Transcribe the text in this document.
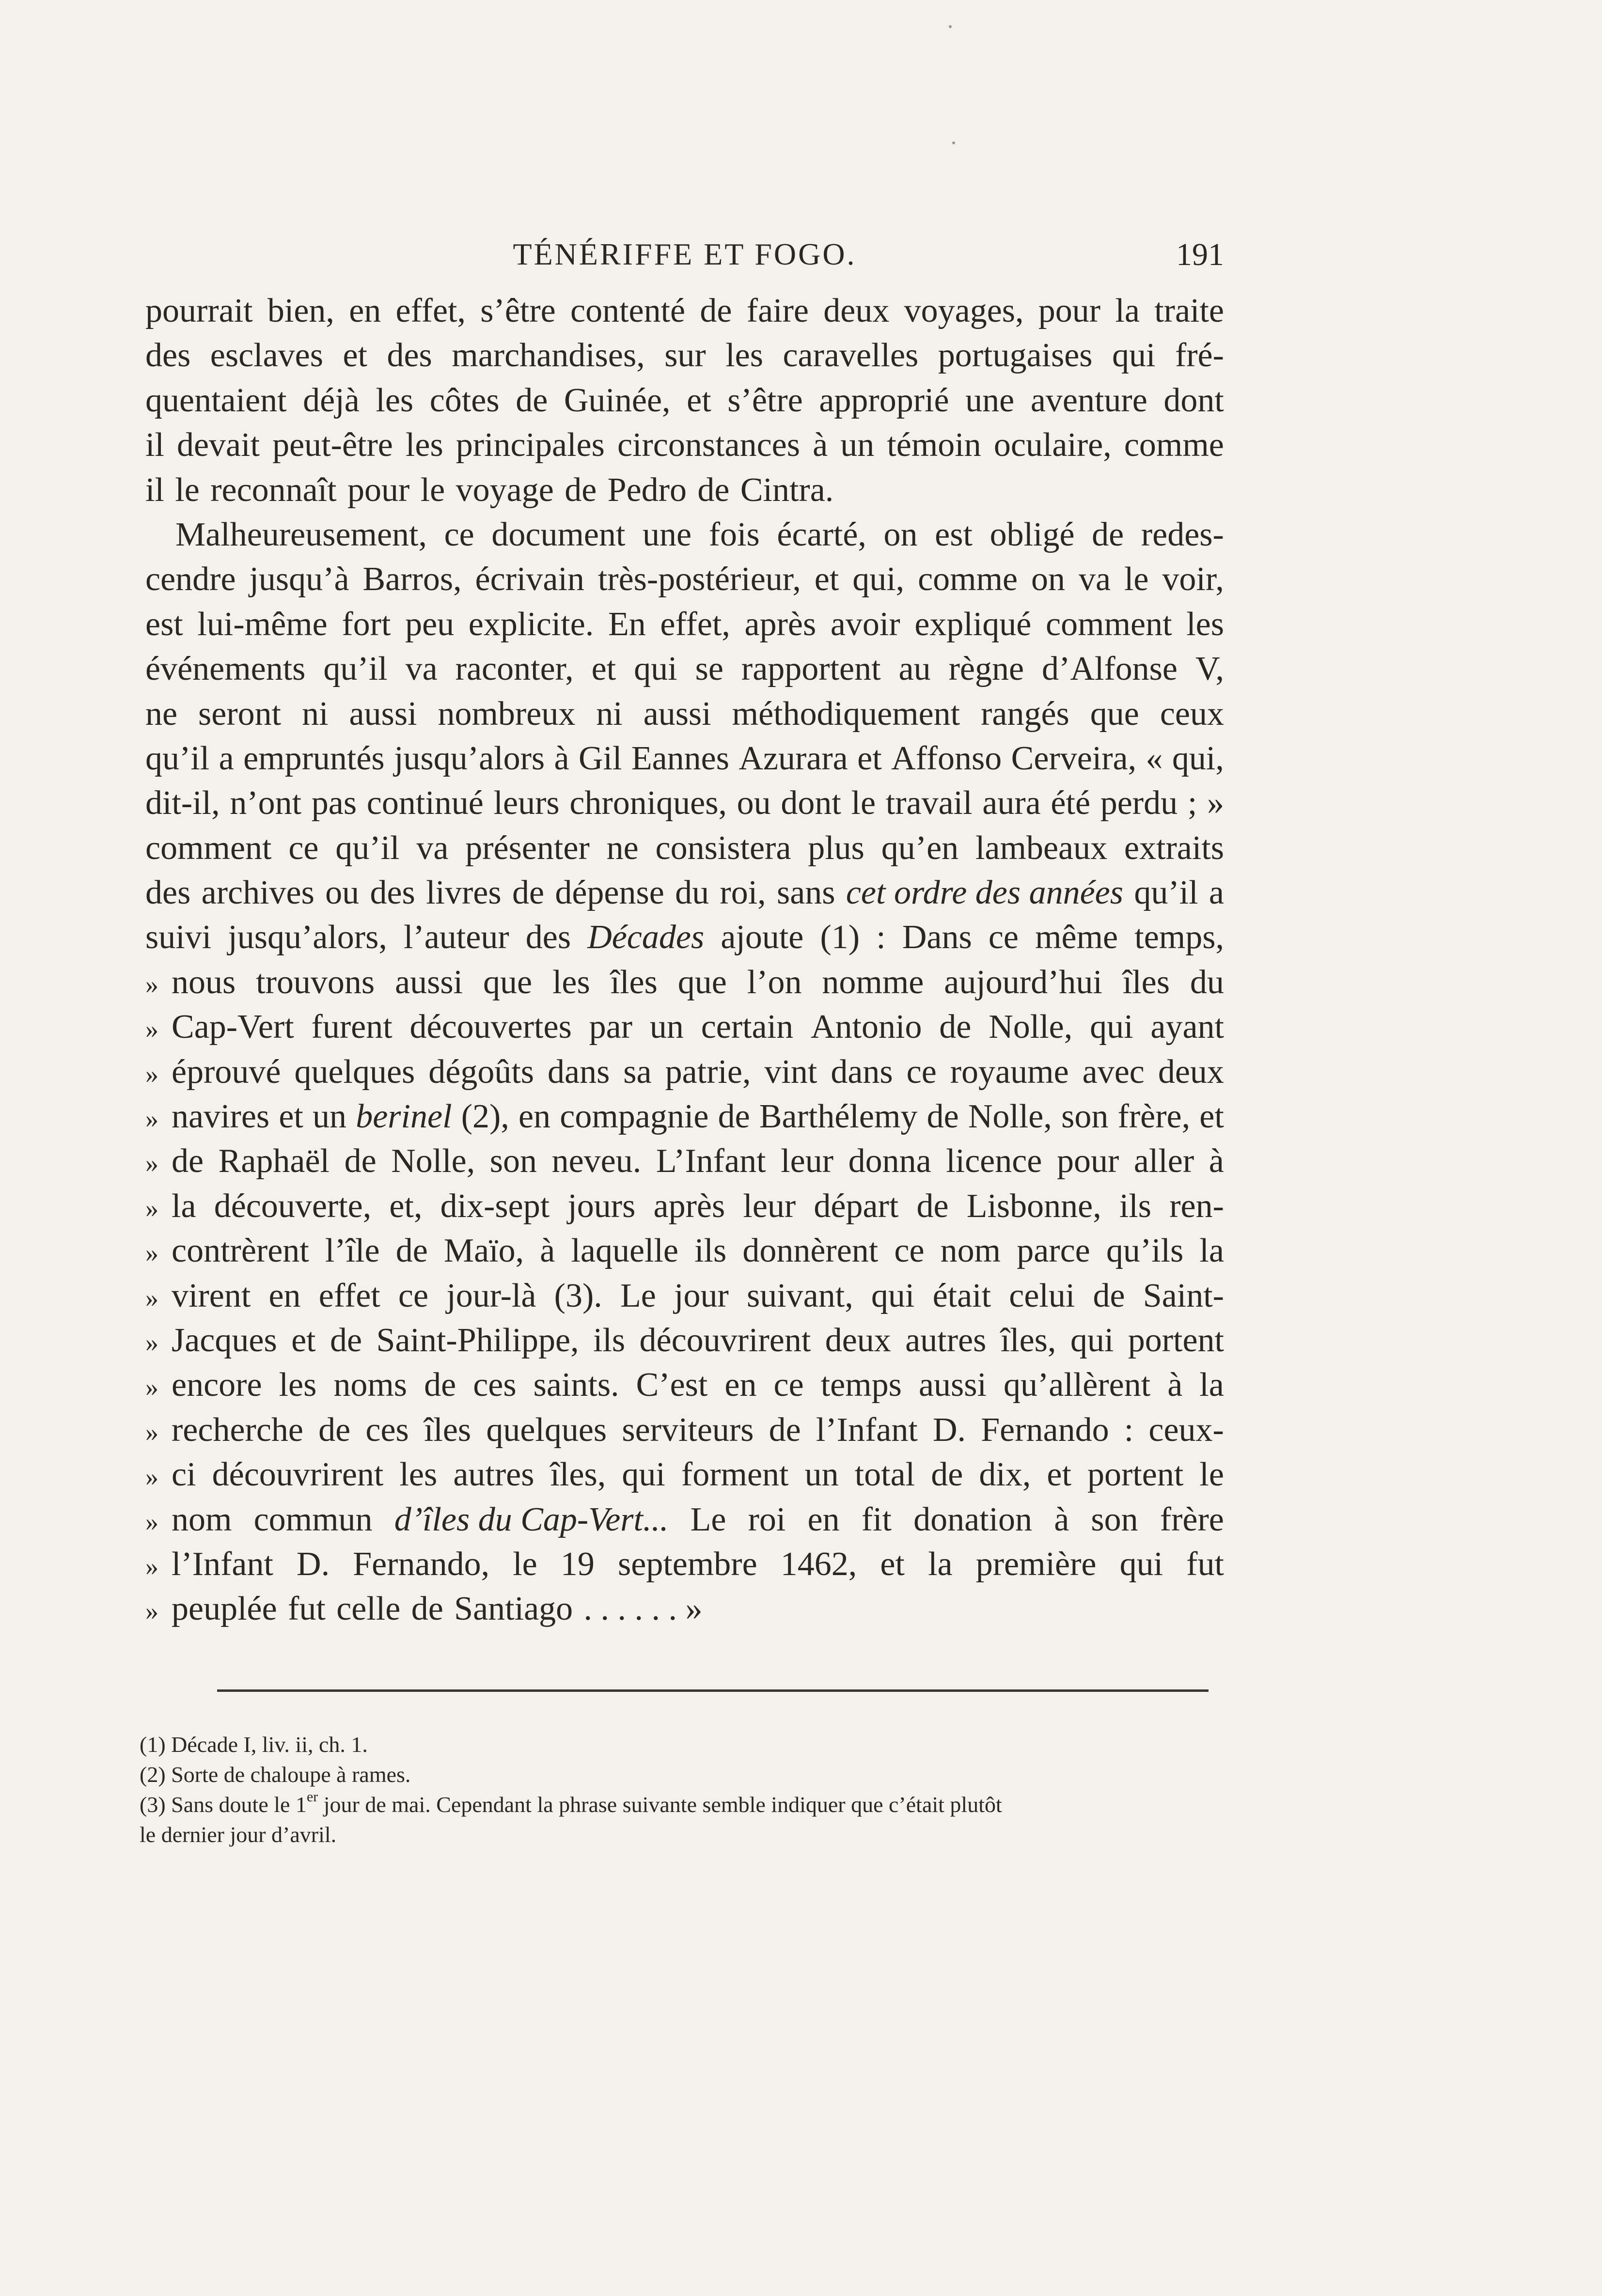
TÉNÉRIFFE ET FOGO.	191
pourrait bien, en effet, s’être contenté de faire deux voyages, pour la traite
des esclaves et des marchandises, sur les caravelles portugaises qui fré-
quentaient déjà les côtes de Guinée, et s’être approprié une aventure dont
il devait peut-être les principales circonstances à un témoin oculaire, comme
il le reconnaît pour le voyage de Pedro de Cintra.
Malheureusement, ce document une fois écarté, on est obligé de redes-
cendre jusqu’à Barros, écrivain très-postérieur, et qui, comme on va le voir,
est lui-même fort peu explicite. En effet, après avoir expliqué comment les
événements qu’il va raconter, et qui se rapportent au règne d’Alfonse V,
ne seront ni aussi nombreux ni aussi méthodiquement rangés que ceux
qu’il a empruntés jusqu’alors à Gil Eannes Azurara et Affonso Cerveira, « qui,
dit-il, n’ont pas continué leurs chroniques, ou dont le travail aura été perdu ; »
comment ce qu’il va présenter ne consistera plus qu’en lambeaux extraits
des archives ou des livres de dépense du roi, sans cet ordre des années qu’il a
suivi jusqu’alors, l’auteur des Décades ajoute (1) : Dans ce même temps,
» nous trouvons aussi que les îles que l’on nomme aujourd’hui îles du
» Cap-Vert furent découvertes par un certain Antonio de Nolle, qui ayant
» éprouvé quelques dégoûts dans sa patrie, vint dans ce royaume avec deux
» navires et un berinel (2), en compagnie de Barthélemy de Nolle, son frère, et
» de Raphaël de Nolle, son neveu. L’Infant leur donna licence pour aller à
» la découverte, et, dix-sept jours après leur départ de Lisbonne, ils ren-
» contrèrent l’île de Maïo, à laquelle ils donnèrent ce nom parce qu’ils la
» virent en effet ce jour-là (3). Le jour suivant, qui était celui de Saint-
» Jacques et de Saint-Philippe, ils découvrirent deux autres îles, qui portent
» encore les noms de ces saints. C’est en ce temps aussi qu’allèrent à la
» recherche de ces îles quelques serviteurs de l’Infant D. Fernando : ceux-
» ci découvrirent les autres îles, qui forment un total de dix, et portent le
» nom commun d’îles du Cap-Vert... Le roi en fit donation à son frère
» l’Infant D. Fernando, le 19 septembre 1462, et la première qui fut
» peuplée fut celle de Santiago . . . . . . »
(1) Décade I, liv. ii, ch. 1.
(2) Sorte de chaloupe à rames.
(3) Sans doute le 1er jour de mai. Cependant la phrase suivante semble indiquer que c’était plutôt
le dernier jour d’avril.
